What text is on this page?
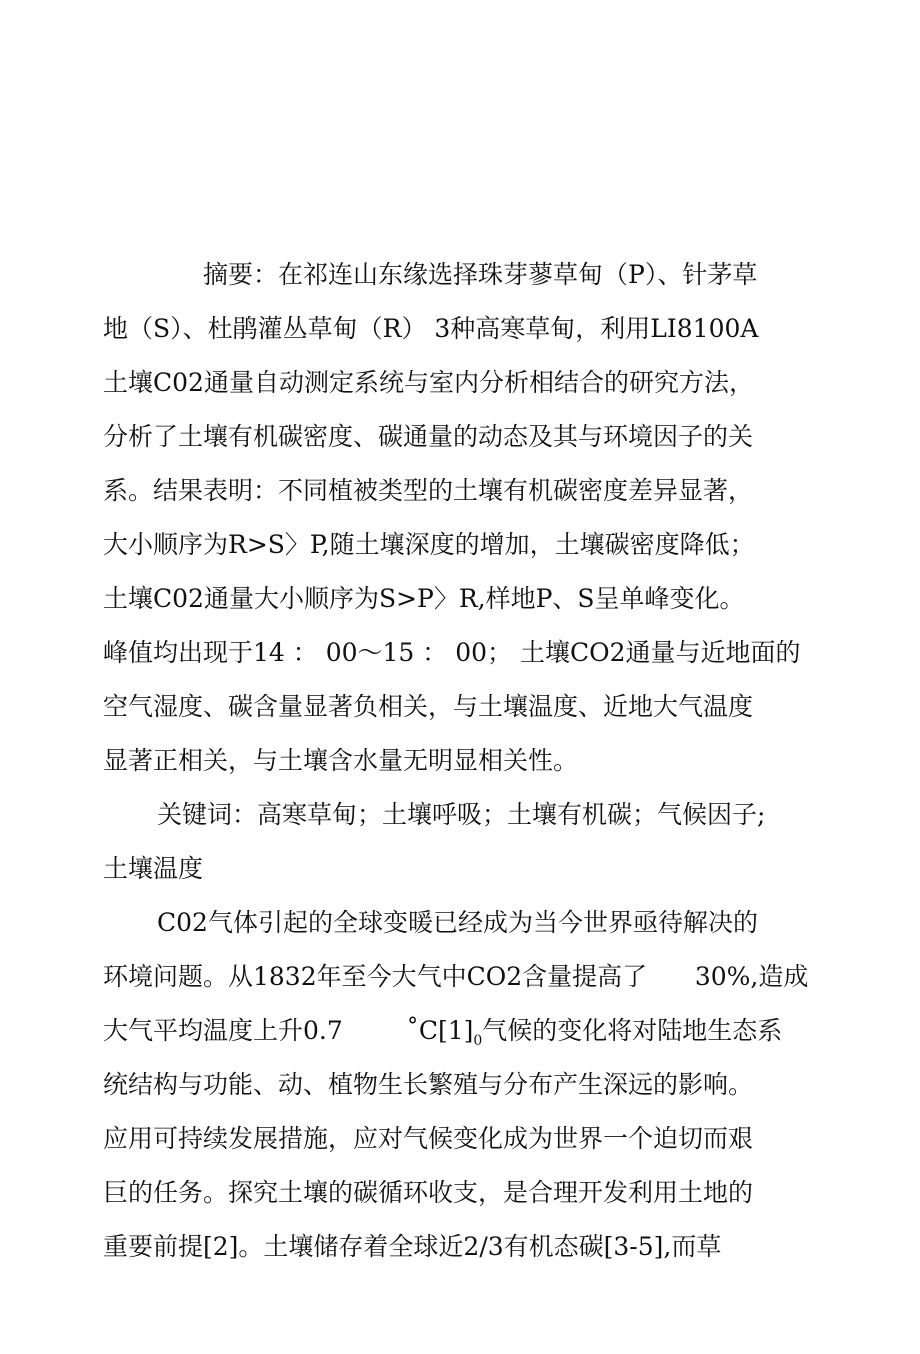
摘要：在祁连山东缘选择珠芽蓼草甸（P）、针茅草
地（S）、杜鹃灌丛草甸（R） 3种高寒草甸，利用LI8100A
土壤C02通量自动测定系统与室内分析相结合的研究方法，
分析了土壤有机碳密度、碳通量的动态及其与环境因子的关
系。结果表明：不同植被类型的土壤有机碳密度差异显著，
大小顺序为R>S〉P,随土壤深度的增加，土壤碳密度降低；
土壤C02通量大小顺序为S>P〉R,样地P、S呈单峰变化。
峰值均出现于14 ： 00～15 ： 00； 土壤CO2通量与近地面的
空气湿度、碳含量显著负相关，与土壤温度、近地大气温度
显著正相关，与土壤含水量无明显相关性。
关键词：高寒草甸；土壤呼吸；土壤有机碳；气候因子;
土壤温度
C02气体引起的全球变暖已经成为当今世界亟待解决的
环境问题。从1832年至今大气中CO2含量提高了      30%,造成
大气平均温度上升0.7        $˚C[1]_0$气候的变化将对陆地生态系
统结构与功能、动、植物生长繁殖与分布产生深远的影响。
应用可持续发展措施，应对气候变化成为世界一个迫切而艰
巨的任务。探究土壤的碳循环收支，是合理开发利用土地的
重要前提[2]。土壤储存着全球近2/3有机态碳[3-5],而草
